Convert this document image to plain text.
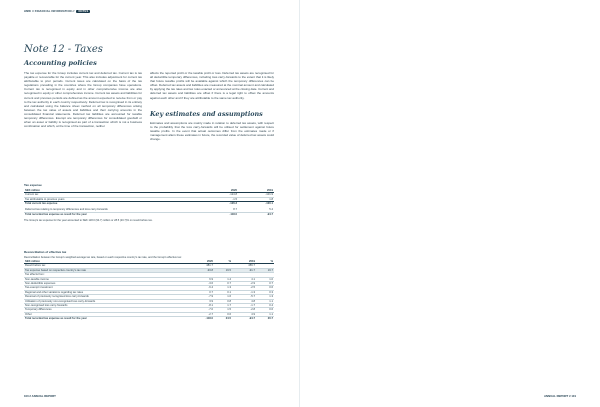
HMW // FINANCIAL INFORMATION // NOTES
Note 12 - Taxes
Accounting policies
The tax expense for the Group includes current tax and deferred tax. Current tax is tax payable or recoverable for the current year. This also includes adjustment for current tax attributable to prior periods. Current taxes are calculated on the basis of the tax regulations prevailing in the countries where the Group companies have operations. Current tax is recognised in equity and in other comprehensive income are also recognised in equity or other comprehensive income. Current tax assets and liabilities for current and previous periods are defined as the amount expected to receive from or pay to the tax authority in each country respectively. Deferred tax is recognised in its entirety and calculated using the balance sheet method on all temporary differences arising between the tax value of assets and liabilities and their carrying amounts in the consolidated financial statements. Deferred tax liabilities are accounted for taxable temporary differences. Exempt are temporary differences for consolidated goodwill or when an asset or liability is recognised as part of a transaction which is not a business combination and which, at the time of the transaction, neither
affects the reported profit or the taxable profit or loss. Deferred tax assets are recognised for all deductible temporary differences, including loss carry-forwards to the extent that it is likely that future taxable profits will be available against which the temporary differences can be offset. Deferred tax assets and liabilities are measured at the nominal amount and calculated by applying the tax rates and tax rules enacted or announced at the closing date. Current and deferred tax assets and liabilities are offset if there is a legal right to offset the amounts against each other and if they are attributable to the same tax authority.
Key estimates and assumptions
Estimates and assumptions are mainly made in relation to deferred tax assets, with respect to the probability that the loss carry-forwards will be utilised for settlement against future taxable profits. In the event that actual outcomes differ from the estimates made or if management alters these estimates in future, the recorded value of deferred tax assets could change.
Tax expense
SEK million	2020	2019
Current tax	-124.8	-101.9
Tax attributable to previous years	-1.5	1.8
Total current tax expense	-126.3	-100.1

Deferred tax relating to temporary differences and loss carry-forwards	8.7	5.4
Total recorded tax expense as result for the year	-118.0	-94.7
The Group's tax expense for the year amounted to SEK 118.0 (94.7) million or 28.5 (20.7)% on result before tax.
Reconciliation of effective tax
Reconciliation between the Group's weighted average tax rate, based on each respective country's tax rate, and the Group's effective tax:
SEK million	2020	%	2019	%
Result before tax	481.7		456.7	
Tax expense based on respective country's tax rate	-93.8	19.5	-91.7	19.7
Tax effects from:				
Non-taxable income	6.9	1.4	4.1	1.0
Non-deductible expenses	-3.6	0.7	-2.9	0.7
Tax-exempt investment	-6.4	1.3	-2.5	0.6
Regional and other variations regarding tax rates	0.7	0.1	-1.3	0.3
Reversal of previously recognised loss carry-forwards	-7.9	1.6	-5.7	1.3
Utilisation of previously non-recognised loss carry-forwards	3.9	0.8	4.8	1.1
Non-recognised loss carry-forwards	-8.1	1.7	-1.7	0.4
Temporary differences	-7.0	1.5	-2.8	0.6
Other	-2.7	0.6	4.9	1.1
Total recorded tax expense as result for the year	-118.0	24.5	-94.7	20.7
100 // ANNUAL REPORT

					ANNUAL REPORT // 101
